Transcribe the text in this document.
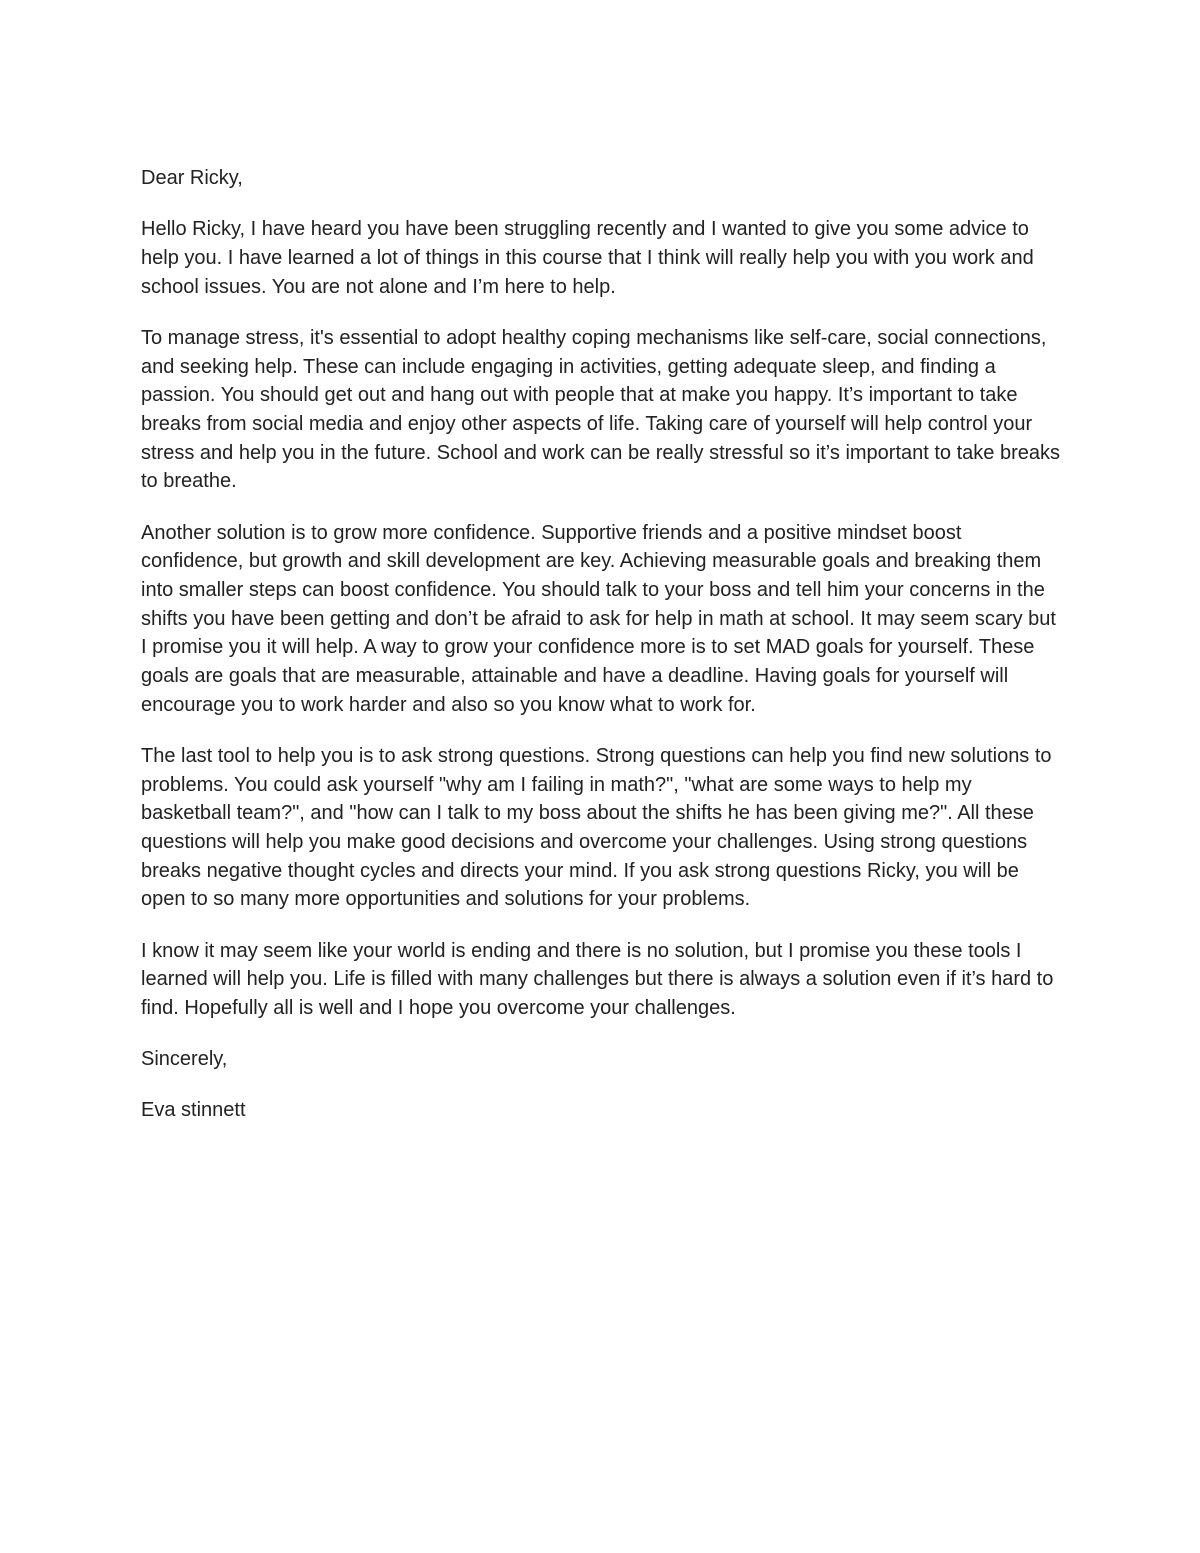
Dear Ricky,

Hello Ricky, I have heard you have been struggling recently and I wanted to give you some advice to help you. I have learned a lot of things in this course that I think will really help you with you work and school issues. You are not alone and I’m here to help.

To manage stress, it's essential to adopt healthy coping mechanisms like self-care, social connections, and seeking help. These can include engaging in activities, getting adequate sleep, and finding a passion. You should get out and hang out with people that at make you happy. It’s important to take breaks from social media and enjoy other aspects of life. Taking care of yourself will help control your stress and help you in the future. School and work can be really stressful so it’s important to take breaks to breathe.

Another solution is to grow more confidence. Supportive friends and a positive mindset boost confidence, but growth and skill development are key. Achieving measurable goals and breaking them into smaller steps can boost confidence. You should talk to your boss and tell him your concerns in the shifts you have been getting and don’t be afraid to ask for help in math at school. It may seem scary but I promise you it will help. A way to grow your confidence more is to set MAD goals for yourself. These goals are goals that are measurable, attainable and have a deadline. Having goals for yourself will encourage you to work harder and also so you know what to work for.

The last tool to help you is to ask strong questions. Strong questions can help you find new solutions to problems. You could ask yourself "why am I failing in math?", "what are some ways to help my basketball team?", and "how can I talk to my boss about the shifts he has been giving me?". All these questions will help you make good decisions and overcome your challenges. Using strong questions breaks negative thought cycles and directs your mind. If you ask strong questions Ricky, you will be open to so many more opportunities and solutions for your problems.

I know it may seem like your world is ending and there is no solution, but I promise you these tools I learned will help you. Life is filled with many challenges but there is always a solution even if it’s hard to find. Hopefully all is well and I hope you overcome your challenges.

Sincerely,

Eva stinnett
